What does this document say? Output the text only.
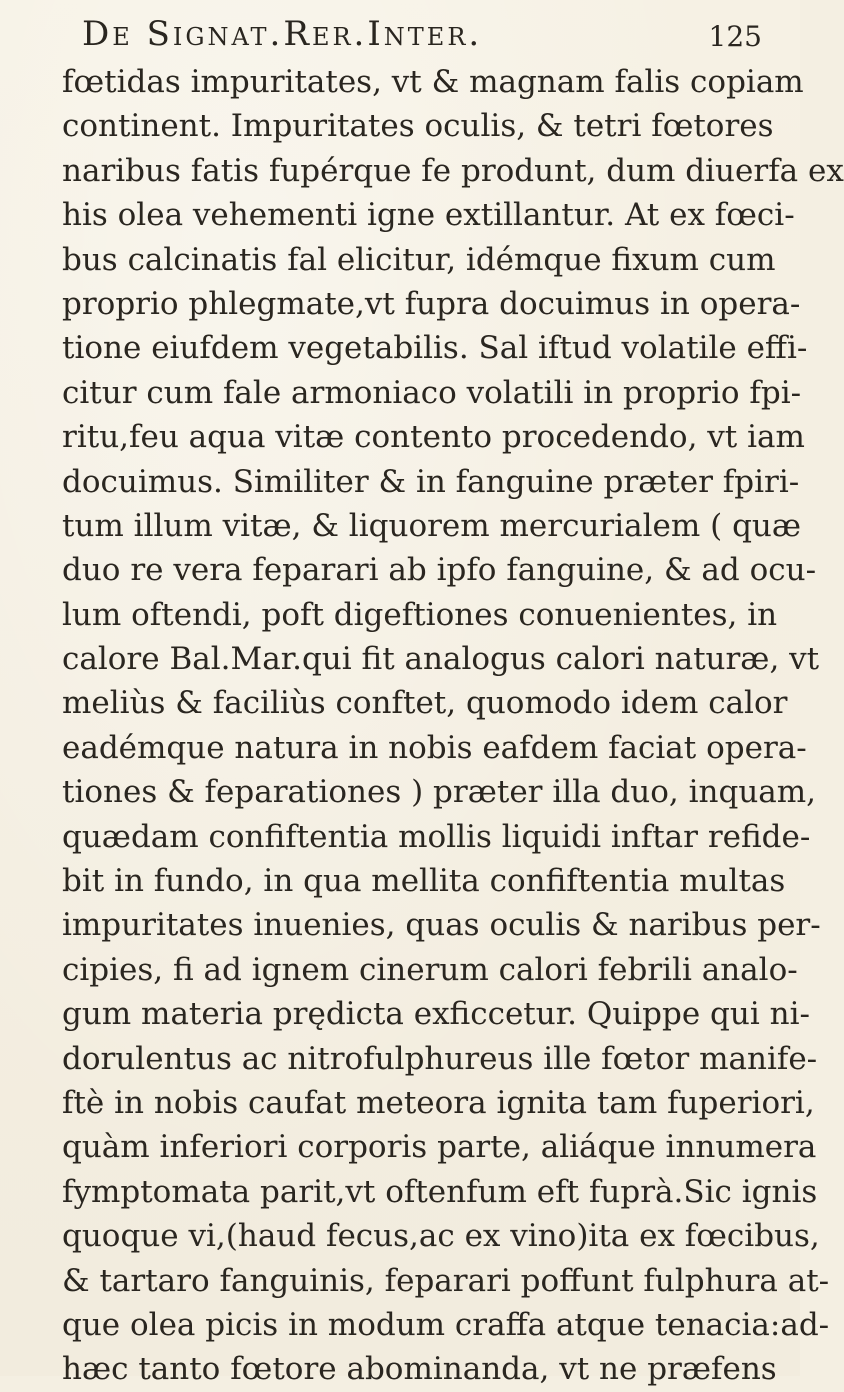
De Signat.Rer.Inter.	125
fœtidas impuritates, vt & magnam falis copiam
continent. Impuritates oculis, & tetri fœtores
naribus fatis fupérque fe produnt, dum diuerfa ex
his olea vehementi igne extillantur. At ex fœci-
bus calcinatis fal elicitur, idémque fixum cum
proprio phlegmate,vt fupra docuimus in opera-
tione eiufdem vegetabilis. Sal iftud volatile effi-
citur cum fale armoniaco volatili in proprio fpi-
ritu,feu aqua vitæ contento procedendo, vt iam
docuimus. Similiter & in fanguine præter fpiri-
tum illum vitæ, & liquorem mercurialem ( quæ
duo re vera feparari ab ipfo fanguine, & ad ocu-
lum oftendi, poft digeftiones conuenientes, in
calore Bal.Mar.qui fit analogus calori naturæ, vt
meliùs & faciliùs conftet, quomodo idem calor
eadémque natura in nobis eafdem faciat opera-
tiones & feparationes ) præter illa duo, inquam,
quædam confiftentia mollis liquidi inftar refide-
bit in fundo, in qua mellita confiftentia multas
impuritates inuenies, quas oculis & naribus per-
cipies, fi ad ignem cinerum calori febrili analo-
gum materia prędicta exficcetur. Quippe qui ni-
dorulentus ac nitrofulphureus ille fœtor manife-
ftè in nobis caufat meteora ignita tam fuperiori,
quàm inferiori corporis parte, aliáque innumera
fymptomata parit,vt oftenfum eft fuprà.Sic ignis
quoque vi,(haud fecus,ac ex vino)ita ex fœcibus,
& tartaro fanguinis, feparari poffunt fulphura at-
que olea picis in modum craffa atque tenacia:ad-
hæc tanto fœtore abominanda, vt ne præfens
